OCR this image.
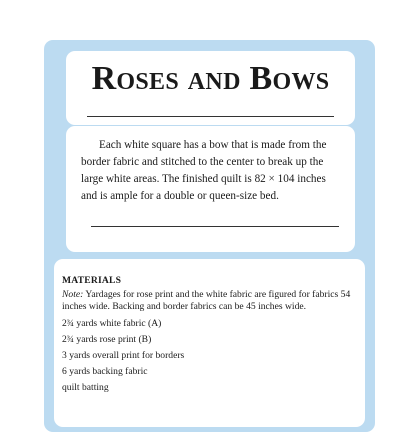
Roses and Bows

Each white square has a bow that is made from the border fabric and stitched to the center to break up the large white areas. The finished quilt is 82 × 104 inches and is ample for a double or queen-size bed.

MATERIALS

Note: Yardages for rose print and the white fabric are figured for fabrics 54 inches wide. Backing and border fabrics can be 45 inches wide.

2¾ yards white fabric (A)
2¾ yards rose print (B)
3 yards overall print for borders
6 yards backing fabric
quilt batting
